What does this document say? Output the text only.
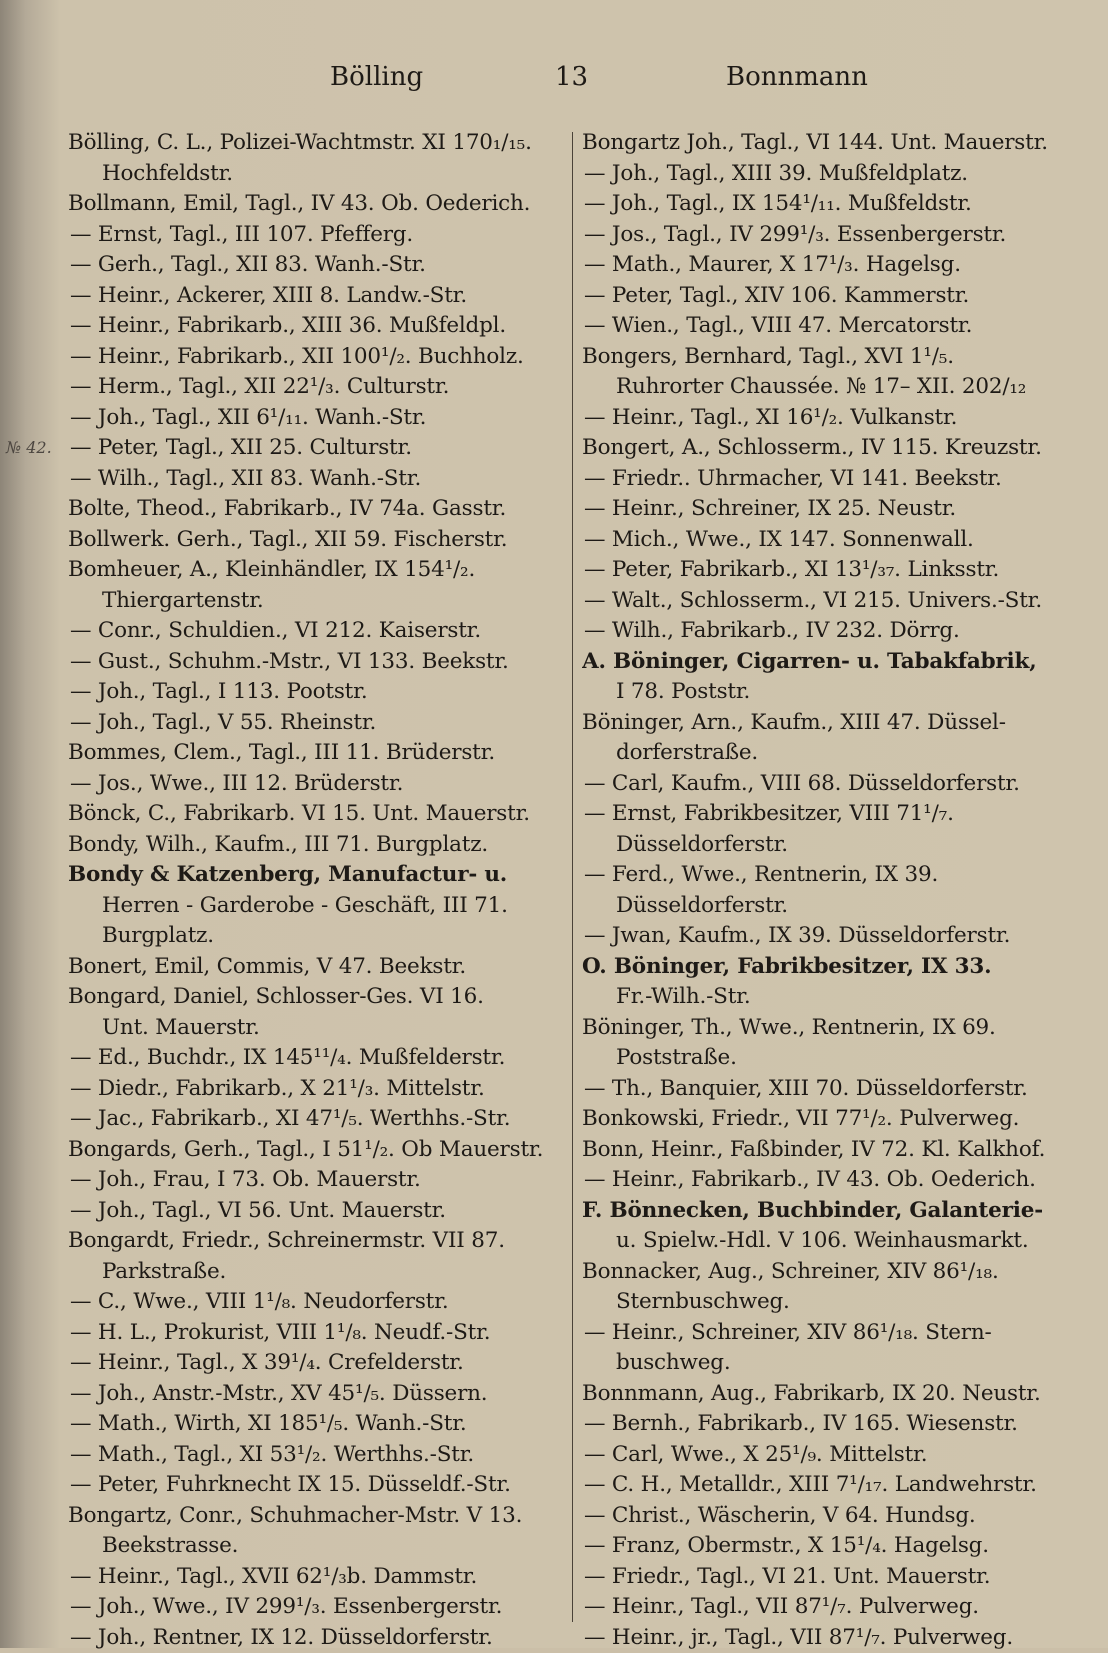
Bölling	13	Bonnmann
№ 42.
Bölling, C. L., Polizei-Wachtmstr. XI 170₁/₁₅.
Hochfeldstr.
Bollmann, Emil, Tagl., IV 43. Ob. Oederich.
— Ernst, Tagl., III 107. Pfefferg.
— Gerh., Tagl., XII 83. Wanh.-Str.
— Heinr., Ackerer, XIII 8. Landw.-Str.
— Heinr., Fabrikarb., XIII 36. Mußfeldpl.
— Heinr., Fabrikarb., XII 100¹/₂. Buchholz.
— Herm., Tagl., XII 22¹/₃. Culturstr.
— Joh., Tagl., XII 6¹/₁₁. Wanh.-Str.
— Peter, Tagl., XII 25. Culturstr.
— Wilh., Tagl., XII 83. Wanh.-Str.
Bolte, Theod., Fabrikarb., IV 74a. Gasstr.
Bollwerk. Gerh., Tagl., XII 59. Fischerstr.
Bomheuer, A., Kleinhändler, IX 154¹/₂.
Thiergartenstr.
— Conr., Schuldien., VI 212. Kaiserstr.
— Gust., Schuhm.-Mstr., VI 133. Beekstr.
— Joh., Tagl., I 113. Pootstr.
— Joh., Tagl., V 55. Rheinstr.
Bommes, Clem., Tagl., III 11. Brüderstr.
— Jos., Wwe., III 12. Brüderstr.
Bönck, C., Fabrikarb. VI 15. Unt. Mauerstr.
Bondy, Wilh., Kaufm., III 71. Burgplatz.
Bondy & Katzenberg, Manufactur- u.
Herren - Garderobe - Geschäft, III 71.
Burgplatz.
Bonert, Emil, Commis, V 47. Beekstr.
Bongard, Daniel, Schlosser-Ges. VI 16.
Unt. Mauerstr.
— Ed., Buchdr., IX 145¹¹/₄. Mußfelderstr.
— Diedr., Fabrikarb., X 21¹/₃. Mittelstr.
— Jac., Fabrikarb., XI 47¹/₅. Werthhs.-Str.
Bongards, Gerh., Tagl., I 51¹/₂. Ob Mauerstr.
— Joh., Frau, I 73. Ob. Mauerstr.
— Joh., Tagl., VI 56. Unt. Mauerstr.
Bongardt, Friedr., Schreinermstr. VII 87.
Parkstraße.
— C., Wwe., VIII 1¹/₈. Neudorferstr.
— H. L., Prokurist, VIII 1¹/₈. Neudf.-Str.
— Heinr., Tagl., X 39¹/₄. Crefelderstr.
— Joh., Anstr.-Mstr., XV 45¹/₅. Düssern.
— Math., Wirth, XI 185¹/₅. Wanh.-Str.
— Math., Tagl., XI 53¹/₂. Werthhs.-Str.
— Peter, Fuhrknecht IX 15. Düsseldf.-Str.
Bongartz, Conr., Schuhmacher-Mstr. V 13.
Beekstrasse.
— Heinr., Tagl., XVII 62¹/₃b. Dammstr.
— Joh., Wwe., IV 299¹/₃. Essenbergerstr.
— Joh., Rentner, IX 12. Düsseldorferstr.
Bongartz Joh., Tagl., VI 144. Unt. Mauerstr.
— Joh., Tagl., XIII 39. Mußfeldplatz.
— Joh., Tagl., IX 154¹/₁₁. Mußfeldstr.
— Jos., Tagl., IV 299¹/₃. Essenbergerstr.
— Math., Maurer, X 17¹/₃. Hagelsg.
— Peter, Tagl., XIV 106. Kammerstr.
— Wien., Tagl., VIII 47. Mercatorstr.
Bongers, Bernhard, Tagl., XVI 1¹/₅.
Ruhrorter Chaussée. № 17– XII. 202/₁₂
— Heinr., Tagl., XI 16¹/₂. Vulkanstr.
Bongert, A., Schlosserm., IV 115. Kreuzstr.
— Friedr.. Uhrmacher, VI 141. Beekstr.
— Heinr., Schreiner, IX 25. Neustr.
— Mich., Wwe., IX 147. Sonnenwall.
— Peter, Fabrikarb., XI 13¹/₃₇. Linksstr.
— Walt., Schlosserm., VI 215. Univers.-Str.
— Wilh., Fabrikarb., IV 232. Dörrg.
A. Böninger, Cigarren- u. Tabakfabrik,
I 78. Poststr.
Böninger, Arn., Kaufm., XIII 47. Düssel-
dorferstraße.
— Carl, Kaufm., VIII 68. Düsseldorferstr.
— Ernst, Fabrikbesitzer, VIII 71¹/₇.
Düsseldorferstr.
— Ferd., Wwe., Rentnerin, IX 39.
Düsseldorferstr.
— Jwan, Kaufm., IX 39. Düsseldorferstr.
O. Böninger, Fabrikbesitzer, IX 33.
Fr.-Wilh.-Str.
Böninger, Th., Wwe., Rentnerin, IX 69.
Poststraße.
— Th., Banquier, XIII 70. Düsseldorferstr.
Bonkowski, Friedr., VII 77¹/₂. Pulverweg.
Bonn, Heinr., Faßbinder, IV 72. Kl. Kalkhof.
— Heinr., Fabrikarb., IV 43. Ob. Oederich.
F. Bönnecken, Buchbinder, Galanterie-
u. Spielw.-Hdl. V 106. Weinhausmarkt.
Bonnacker, Aug., Schreiner, XIV 86¹/₁₈.
Sternbuschweg.
— Heinr., Schreiner, XIV 86¹/₁₈. Stern-
buschweg.
Bonnmann, Aug., Fabrikarb, IX 20. Neustr.
— Bernh., Fabrikarb., IV 165. Wiesenstr.
— Carl, Wwe., X 25¹/₉. Mittelstr.
— C. H., Metalldr., XIII 7¹/₁₇. Landwehrstr.
— Christ., Wäscherin, V 64. Hundsg.
— Franz, Obermstr., X 15¹/₄. Hagelsg.
— Friedr., Tagl., VI 21. Unt. Mauerstr.
— Heinr., Tagl., VII 87¹/₇. Pulverweg.
— Heinr., jr., Tagl., VII 87¹/₇. Pulverweg.
